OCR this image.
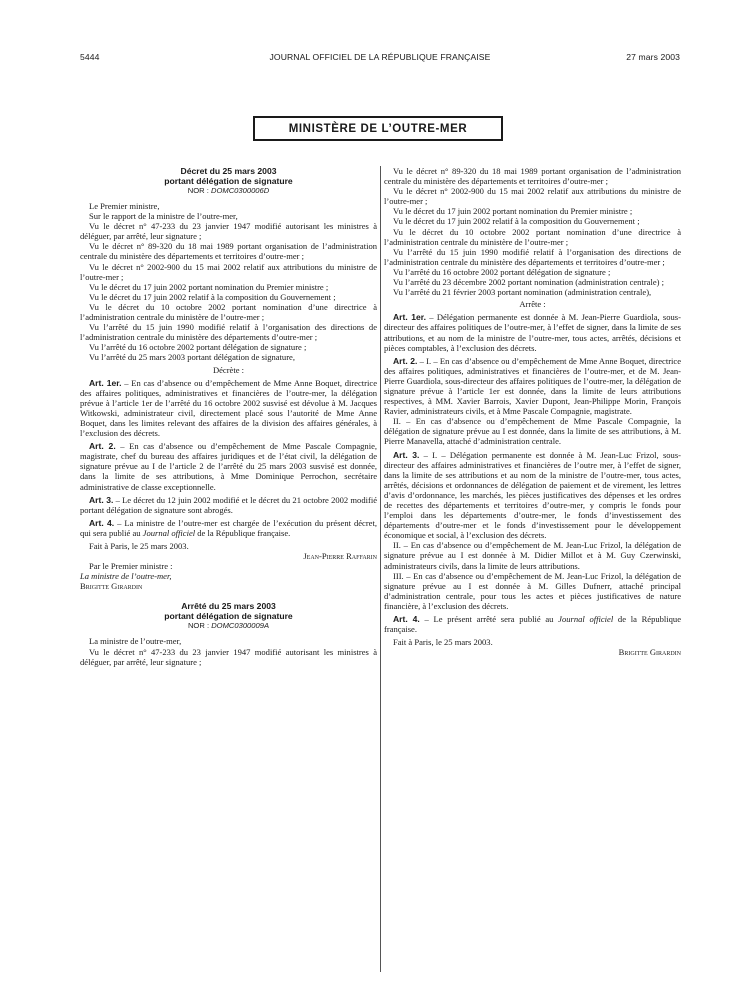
5444	JOURNAL OFFICIEL DE LA RÉPUBLIQUE FRANÇAISE	27 mars 2003
MINISTÈRE DE L’OUTRE-MER
Décret du 25 mars 2003
portant délégation de signature
NOR : DOMC0300006D

Le Premier ministre,

Sur le rapport de la ministre de l’outre-mer,

Vu le décret n° 47-233 du 23 janvier 1947 modifié autorisant les ministres à déléguer, par arrêté, leur signature ;

Vu le décret n° 89-320 du 18 mai 1989 portant organisation de l’administration centrale du ministère des départements et territoires d’outre-mer ;

Vu le décret n° 2002-900 du 15 mai 2002 relatif aux attributions du ministre de l’outre-mer ;

Vu le décret du 17 juin 2002 portant nomination du Premier ministre ;

Vu le décret du 17 juin 2002 relatif à la composition du Gouvernement ;

Vu le décret du 10 octobre 2002 portant nomination d’une directrice à l’administration centrale du ministère de l’outre-mer ;

Vu l’arrêté du 15 juin 1990 modifié relatif à l’organisation des directions de l’administration centrale du ministère des départements d’outre-mer ;

Vu l’arrêté du 16 octobre 2002 portant délégation de signature ;

Vu l’arrêté du 25 mars 2003 portant délégation de signature,

Décrète :

Art. 1er. – En cas d’absence ou d’empêchement de Mme Anne Boquet, directrice des affaires politiques, administratives et financières de l’outre-mer, la délégation prévue à l’article 1er de l’arrêté du 16 octobre 2002 susvisé est dévolue à M. Jacques Witkowski, administrateur civil, directement placé sous l’autorité de Mme Anne Boquet, dans les limites relevant des affaires de la division des affaires générales, à l’exclusion des décrets.

Art. 2. – En cas d’absence ou d’empêchement de Mme Pascale Compagnie, magistrate, chef du bureau des affaires juridiques et de l’état civil, la délégation de signature prévue au I de l’article 2 de l’arrêté du 25 mars 2003 susvisé est donnée, dans la limite de ses attributions, à Mme Dominique Perrochon, secrétaire administrative de classe exceptionnelle.

Art. 3. – Le décret du 12 juin 2002 modifié et le décret du 21 octobre 2002 modifié portant délégation de signature sont abrogés.

Art. 4. – La ministre de l’outre-mer est chargée de l’exécution du présent décret, qui sera publié au Journal officiel de la République française.

Fait à Paris, le 25 mars 2003.

Jean-Pierre Raffarin

Par le Premier ministre :

La ministre de l’outre-mer,

Brigitte Girardin

Arrêté du 25 mars 2003
portant délégation de signature
NOR : DOMC0300009A

La ministre de l’outre-mer,

Vu le décret n° 47-233 du 23 janvier 1947 modifié autorisant les ministres à déléguer, par arrêté, leur signature ;

Vu le décret n° 89-320 du 18 mai 1989 portant organisation de l’administration centrale du ministère des départements et territoires d’outre-mer ;

Vu le décret n° 2002-900 du 15 mai 2002 relatif aux attributions du ministre de l’outre-mer ;

Vu le décret du 17 juin 2002 portant nomination du Premier ministre ;

Vu le décret du 17 juin 2002 relatif à la composition du Gouvernement ;

Vu le décret du 10 octobre 2002 portant nomination d’une directrice à l’administration centrale du ministère de l’outre-mer ;

Vu l’arrêté du 15 juin 1990 modifié relatif à l’organisation des directions de l’administration centrale du ministère des départements et territoires d’outre-mer ;

Vu l’arrêté du 16 octobre 2002 portant délégation de signature ;

Vu l’arrêté du 23 décembre 2002 portant nomination (administration centrale) ;

Vu l’arrêté du 21 février 2003 portant nomination (administration centrale),

Arrête :

Art. 1er. – Délégation permanente est donnée à M. Jean-Pierre Guardiola, sous-directeur des affaires politiques de l’outre-mer, à l’effet de signer, dans la limite de ses attributions, et au nom de la ministre de l’outre-mer, tous actes, arrêtés, décisions et pièces comptables, à l’exclusion des décrets.

Art. 2. – I. – En cas d’absence ou d’empêchement de Mme Anne Boquet, directrice des affaires politiques, administratives et financières de l’outre-mer, et de M. Jean-Pierre Guardiola, sous-directeur des affaires politiques de l’outre-mer, la délégation de signature prévue à l’article 1er est donnée, dans la limite de leurs attributions respectives, à MM. Xavier Barrois, Xavier Dupont, Jean-Philippe Morin, François Ravier, administrateurs civils, et à Mme Pascale Compagnie, magistrate.

II. – En cas d’absence ou d’empêchement de Mme Pascale Compagnie, la délégation de signature prévue au I est donnée, dans la limite de ses attributions, à M. Pierre Manavella, attaché d’administration centrale.

Art. 3. – I. – Délégation permanente est donnée à M. Jean-Luc Frizol, sous-directeur des affaires administratives et financières de l’outre mer, à l’effet de signer, dans la limite de ses attributions et au nom de la ministre de l’outre-mer, tous actes, arrêtés, décisions et ordonnances de délégation de paiement et de virement, les lettres d’avis d’ordonnance, les marchés, les pièces justificatives des dépenses et les ordres de recettes des départements et territoires d’outre-mer, y compris le fonds pour l’emploi dans les départements d’outre-mer, le fonds d’investissement des départements d’outre-mer et le fonds d’investissement pour le développement économique et social, à l’exclusion des décrets.

II. – En cas d’absence ou d’empêchement de M. Jean-Luc Frizol, la délégation de signature prévue au I est donnée à M. Didier Millot et à M. Guy Czerwinski, administrateurs civils, dans la limite de leurs attributions.

III. – En cas d’absence ou d’empêchement de M. Jean-Luc Frizol, la délégation de signature prévue au I est donnée à M. Gilles Dufnerr, attaché principal d’administration centrale, pour tous les actes et pièces justificatives de nature financière, à l’exclusion des décrets.

Art. 4. – Le présent arrêté sera publié au Journal officiel de la République française.

Fait à Paris, le 25 mars 2003.

Brigitte Girardin
